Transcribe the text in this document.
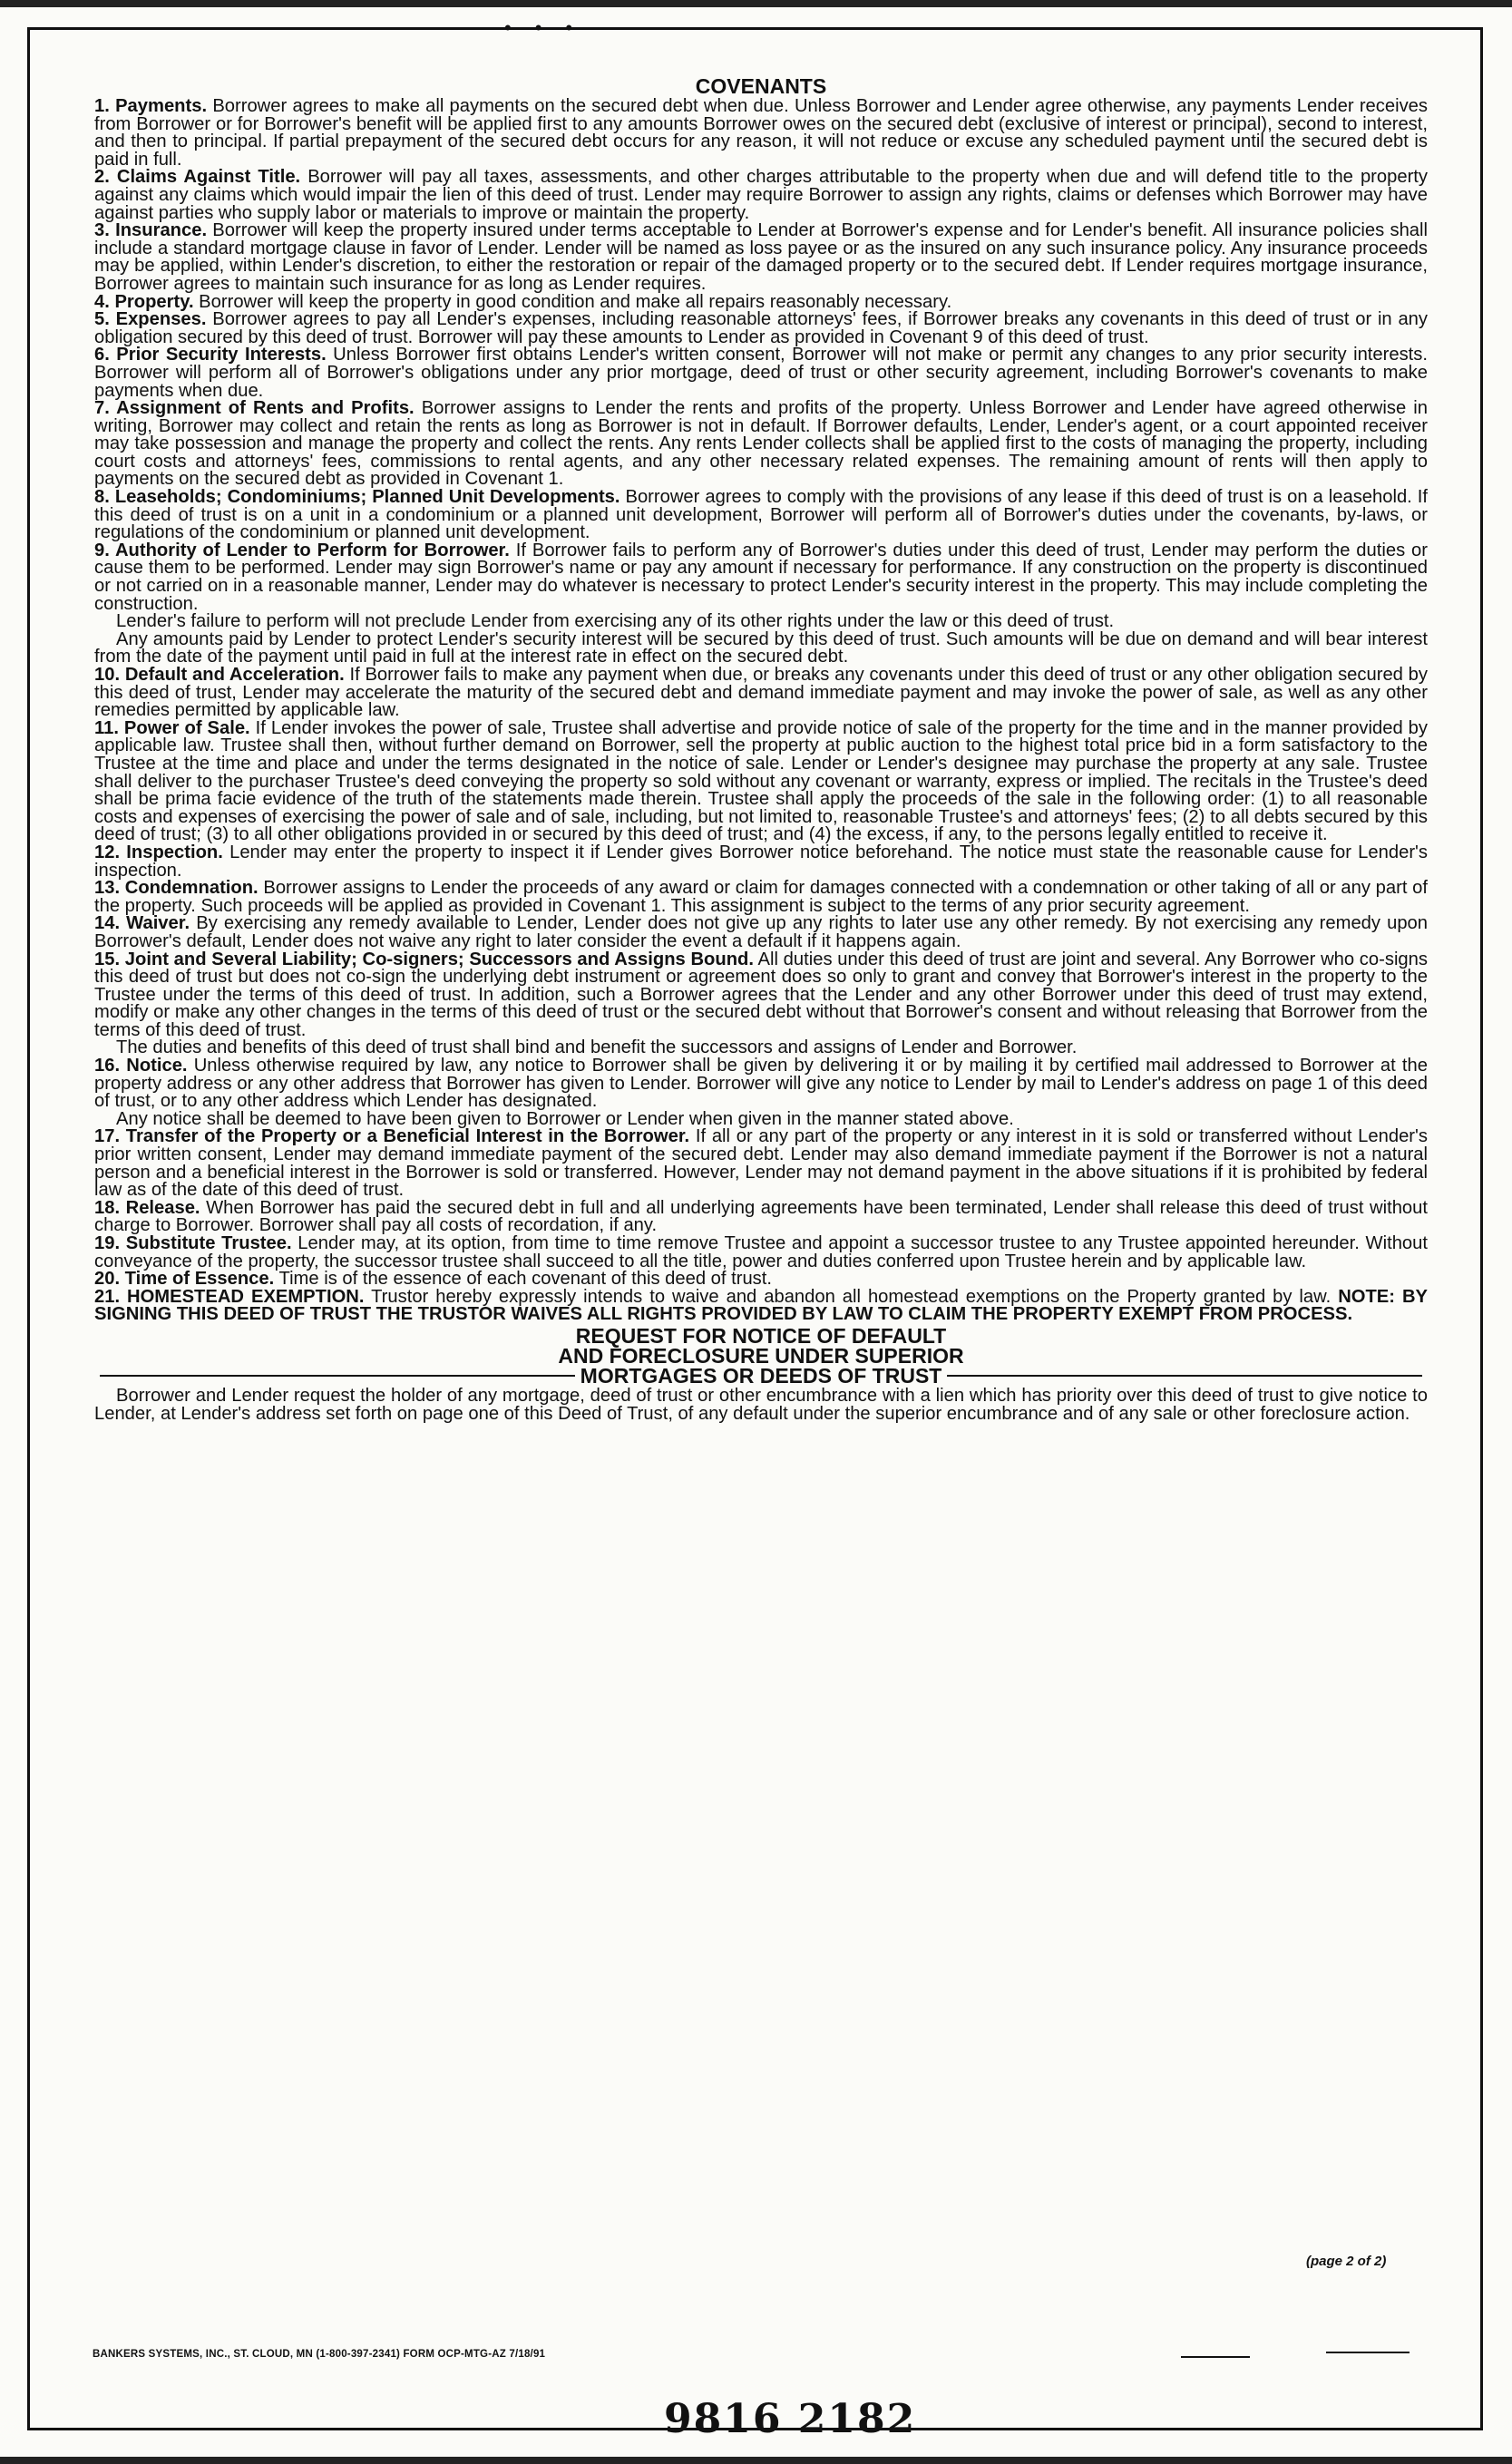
•••
COVENANTS

1. Payments. Borrower agrees to make all payments on the secured debt when due. Unless Borrower and Lender agree otherwise, any payments Lender receives from Borrower or for Borrower's benefit will be applied first to any amounts Borrower owes on the secured debt (exclusive of interest or principal), second to interest, and then to principal. If partial prepayment of the secured debt occurs for any reason, it will not reduce or excuse any scheduled payment until the secured debt is paid in full.

2. Claims Against Title. Borrower will pay all taxes, assessments, and other charges attributable to the property when due and will defend title to the property against any claims which would impair the lien of this deed of trust. Lender may require Borrower to assign any rights, claims or defenses which Borrower may have against parties who supply labor or materials to improve or maintain the property.

3. Insurance. Borrower will keep the property insured under terms acceptable to Lender at Borrower's expense and for Lender's benefit. All insurance policies shall include a standard mortgage clause in favor of Lender. Lender will be named as loss payee or as the insured on any such insurance policy. Any insurance proceeds may be applied, within Lender's discretion, to either the restoration or repair of the damaged property or to the secured debt. If Lender requires mortgage insurance, Borrower agrees to maintain such insurance for as long as Lender requires.

4. Property. Borrower will keep the property in good condition and make all repairs reasonably necessary.

5. Expenses. Borrower agrees to pay all Lender's expenses, including reasonable attorneys' fees, if Borrower breaks any covenants in this deed of trust or in any obligation secured by this deed of trust. Borrower will pay these amounts to Lender as provided in Covenant 9 of this deed of trust.

6. Prior Security Interests. Unless Borrower first obtains Lender's written consent, Borrower will not make or permit any changes to any prior security interests. Borrower will perform all of Borrower's obligations under any prior mortgage, deed of trust or other security agreement, including Borrower's covenants to make payments when due.

7. Assignment of Rents and Profits. Borrower assigns to Lender the rents and profits of the property. Unless Borrower and Lender have agreed otherwise in writing, Borrower may collect and retain the rents as long as Borrower is not in default. If Borrower defaults, Lender, Lender's agent, or a court appointed receiver may take possession and manage the property and collect the rents. Any rents Lender collects shall be applied first to the costs of managing the property, including court costs and attorneys' fees, commissions to rental agents, and any other necessary related expenses. The remaining amount of rents will then apply to payments on the secured debt as provided in Covenant 1.

8. Leaseholds; Condominiums; Planned Unit Developments. Borrower agrees to comply with the provisions of any lease if this deed of trust is on a leasehold. If this deed of trust is on a unit in a condominium or a planned unit development, Borrower will perform all of Borrower's duties under the covenants, by-laws, or regulations of the condominium or planned unit development.

9. Authority of Lender to Perform for Borrower. If Borrower fails to perform any of Borrower's duties under this deed of trust, Lender may perform the duties or cause them to be performed. Lender may sign Borrower's name or pay any amount if necessary for performance. If any construction on the property is discontinued or not carried on in a reasonable manner, Lender may do whatever is necessary to protect Lender's security interest in the property. This may include completing the construction.

Lender's failure to perform will not preclude Lender from exercising any of its other rights under the law or this deed of trust.

Any amounts paid by Lender to protect Lender's security interest will be secured by this deed of trust. Such amounts will be due on demand and will bear interest from the date of the payment until paid in full at the interest rate in effect on the secured debt.

10. Default and Acceleration. If Borrower fails to make any payment when due, or breaks any covenants under this deed of trust or any other obligation secured by this deed of trust, Lender may accelerate the maturity of the secured debt and demand immediate payment and may invoke the power of sale, as well as any other remedies permitted by applicable law.

11. Power of Sale. If Lender invokes the power of sale, Trustee shall advertise and provide notice of sale of the property for the time and in the manner provided by applicable law. Trustee shall then, without further demand on Borrower, sell the property at public auction to the highest total price bid in a form satisfactory to the Trustee at the time and place and under the terms designated in the notice of sale. Lender or Lender's designee may purchase the property at any sale. Trustee shall deliver to the purchaser Trustee's deed conveying the property so sold without any covenant or warranty, express or implied. The recitals in the Trustee's deed shall be prima facie evidence of the truth of the statements made therein. Trustee shall apply the proceeds of the sale in the following order: (1) to all reasonable costs and expenses of exercising the power of sale and of sale, including, but not limited to, reasonable Trustee's and attorneys' fees; (2) to all debts secured by this deed of trust; (3) to all other obligations provided in or secured by this deed of trust; and (4) the excess, if any, to the persons legally entitled to receive it.

12. Inspection. Lender may enter the property to inspect it if Lender gives Borrower notice beforehand. The notice must state the reasonable cause for Lender's inspection.

13. Condemnation. Borrower assigns to Lender the proceeds of any award or claim for damages connected with a condemnation or other taking of all or any part of the property. Such proceeds will be applied as provided in Covenant 1. This assignment is subject to the terms of any prior security agreement.

14. Waiver. By exercising any remedy available to Lender, Lender does not give up any rights to later use any other remedy. By not exercising any remedy upon Borrower's default, Lender does not waive any right to later consider the event a default if it happens again.

15. Joint and Several Liability; Co-signers; Successors and Assigns Bound. All duties under this deed of trust are joint and several. Any Borrower who co-signs this deed of trust but does not co-sign the underlying debt instrument or agreement does so only to grant and convey that Borrower's interest in the property to the Trustee under the terms of this deed of trust. In addition, such a Borrower agrees that the Lender and any other Borrower under this deed of trust may extend, modify or make any other changes in the terms of this deed of trust or the secured debt without that Borrower's consent and without releasing that Borrower from the terms of this deed of trust.

The duties and benefits of this deed of trust shall bind and benefit the successors and assigns of Lender and Borrower.

16. Notice. Unless otherwise required by law, any notice to Borrower shall be given by delivering it or by mailing it by certified mail addressed to Borrower at the property address or any other address that Borrower has given to Lender. Borrower will give any notice to Lender by mail to Lender's address on page 1 of this deed of trust, or to any other address which Lender has designated.

Any notice shall be deemed to have been given to Borrower or Lender when given in the manner stated above.

17. Transfer of the Property or a Beneficial Interest in the Borrower. If all or any part of the property or any interest in it is sold or transferred without Lender's prior written consent, Lender may demand immediate payment of the secured debt. Lender may also demand immediate payment if the Borrower is not a natural person and a beneficial interest in the Borrower is sold or transferred. However, Lender may not demand payment in the above situations if it is prohibited by federal law as of the date of this deed of trust.

18. Release. When Borrower has paid the secured debt in full and all underlying agreements have been terminated, Lender shall release this deed of trust without charge to Borrower. Borrower shall pay all costs of recordation, if any.

19. Substitute Trustee. Lender may, at its option, from time to time remove Trustee and appoint a successor trustee to any Trustee appointed hereunder. Without conveyance of the property, the successor trustee shall succeed to all the title, power and duties conferred upon Trustee herein and by applicable law.

20. Time of Essence. Time is of the essence of each covenant of this deed of trust.

21. HOMESTEAD EXEMPTION. Trustor hereby expressly intends to waive and abandon all homestead exemptions on the Property granted by law. NOTE: BY SIGNING THIS DEED OF TRUST THE TRUSTOR WAIVES ALL RIGHTS PROVIDED BY LAW TO CLAIM THE PROPERTY EXEMPT FROM PROCESS.

REQUEST FOR NOTICE OF DEFAULT
AND FORECLOSURE UNDER SUPERIOR
MORTGAGES OR DEEDS OF TRUST

Borrower and Lender request the holder of any mortgage, deed of trust or other encumbrance with a lien which has priority over this deed of trust to give notice to Lender, at Lender's address set forth on page one of this Deed of Trust, of any default under the superior encumbrance and of any sale or other foreclosure action.

(page 2 of 2)
BANKERS SYSTEMS, INC., ST. CLOUD, MN (1-800-397-2341) FORM OCP-MTG-AZ 7/18/91
9816 2182
